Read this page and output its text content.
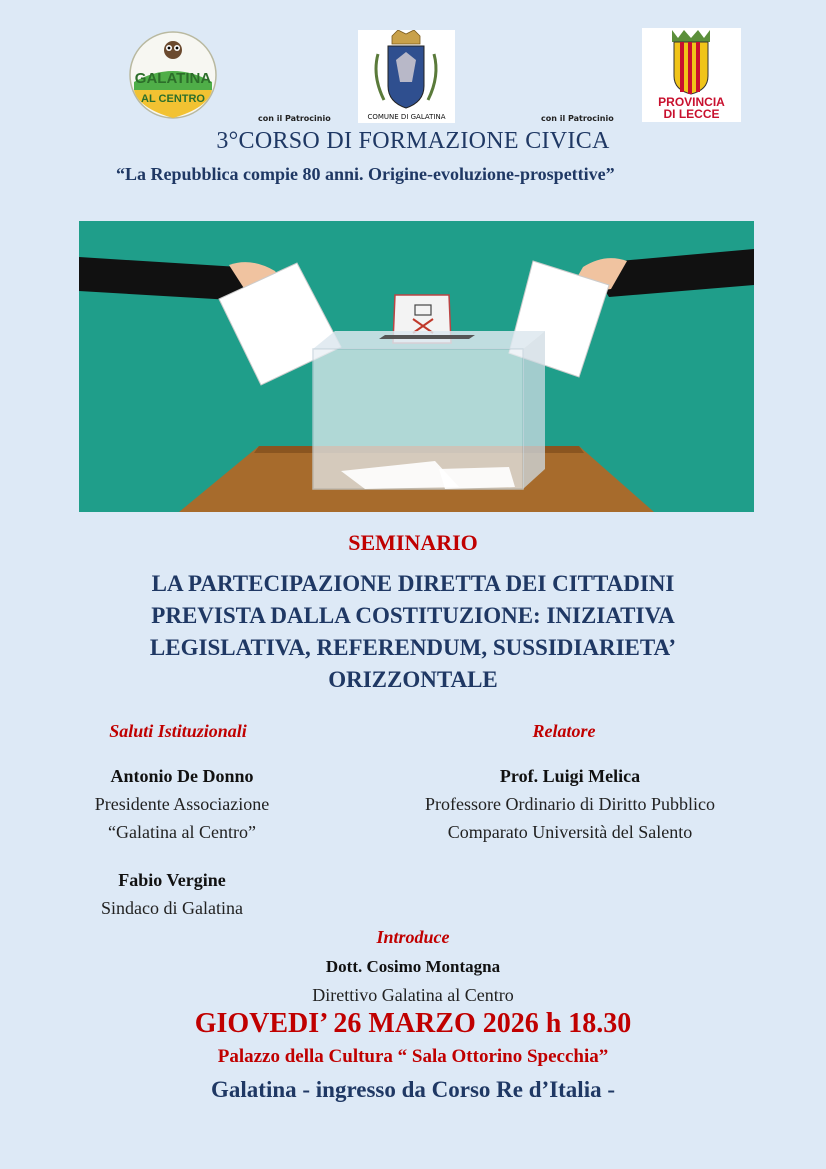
GALATINA
AL CENTRO
COMUNE DI GALATINA
PROVINCIA
DI LECCE
con il Patrocinio	con il Patrocinio
3°CORSO DI FORMAZIONE CIVICA
“La Repubblica compie 80 anni. Origine-evoluzione-prospettive”
SEMINARIO
LA PARTECIPAZIONE DIRETTA DEI CITTADINI
PREVISTA DALLA COSTITUZIONE: INIZIATIVA
LEGISLATIVA, REFERENDUM, SUSSIDIARIETA’
ORIZZONTALE
Saluti Istituzionali
Antonio De Donno
Presidente Associazione
“Galatina al Centro”
Fabio Vergine
Sindaco di Galatina
Relatore
Prof. Luigi Melica
Professore Ordinario di Diritto Pubblico
Comparato Università del Salento
Introduce
Dott. Cosimo Montagna
Direttivo Galatina al Centro
GIOVEDI’ 26 MARZO 2026 h 18.30
Palazzo della Cultura “ Sala Ottorino Specchia”
Galatina - ingresso da Corso Re d’Italia -
